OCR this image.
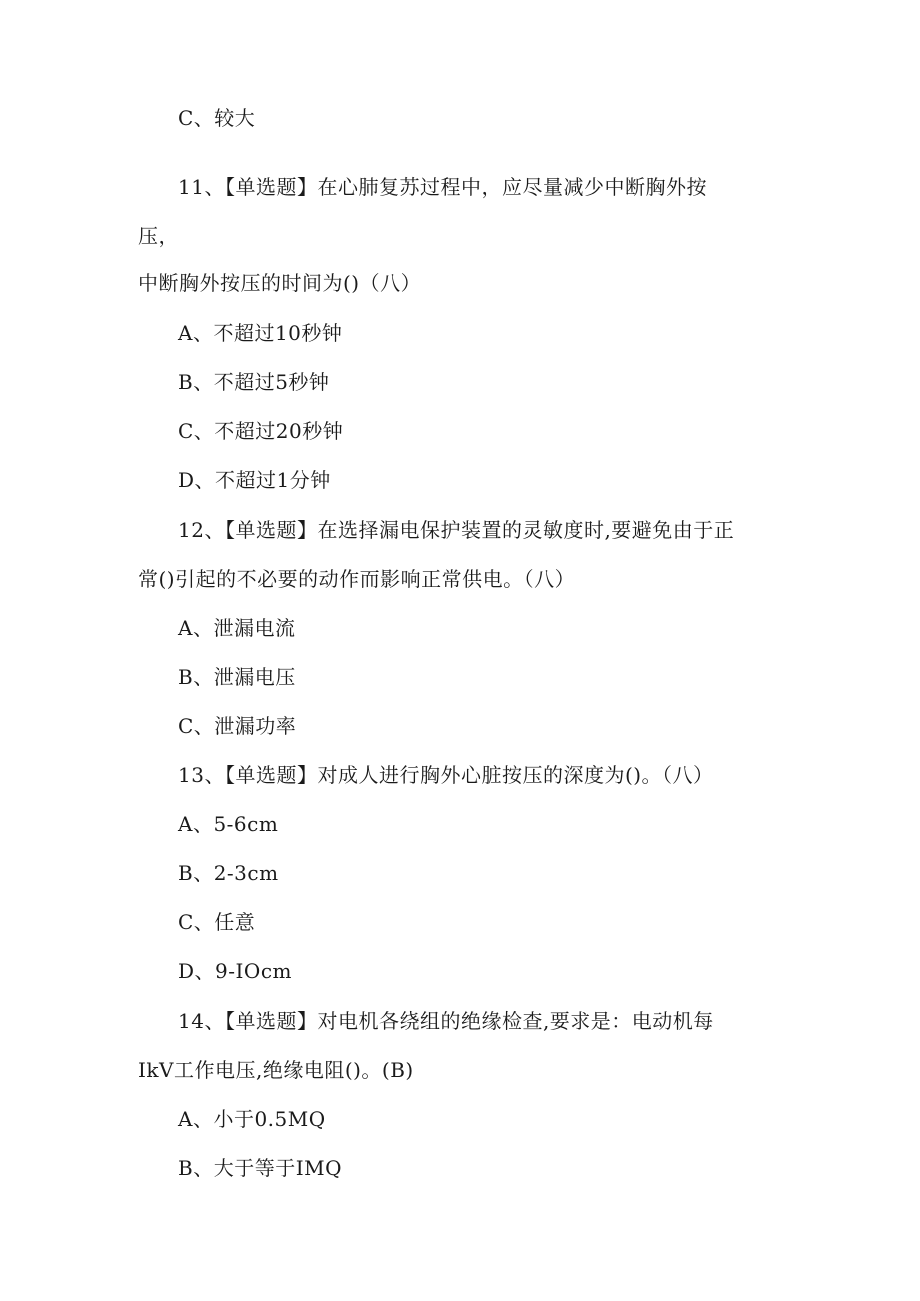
C、较大
11、【单选题】在心肺复苏过程中，应尽量减少中断胸外按
压，
中断胸外按压的时间为()（八）
A、不超过10秒钟
B、不超过5秒钟
C、不超过20秒钟
D、不超过1分钟
12、【单选题】在选择漏电保护装置的灵敏度时,要避免由于正
常()引起的不必要的动作而影响正常供电。（八）
A、泄漏电流
B、泄漏电压
C、泄漏功率
13、【单选题】对成人进行胸外心脏按压的深度为()。（八）
A、5-6cm
B、2-3cm
C、任意
D、9-IOcm
14、【单选题】对电机各绕组的绝缘检查,要求是：电动机每
IkV工作电压,绝缘电阻()。(B)
A、小于0.5MQ
B、大于等于IMQ
